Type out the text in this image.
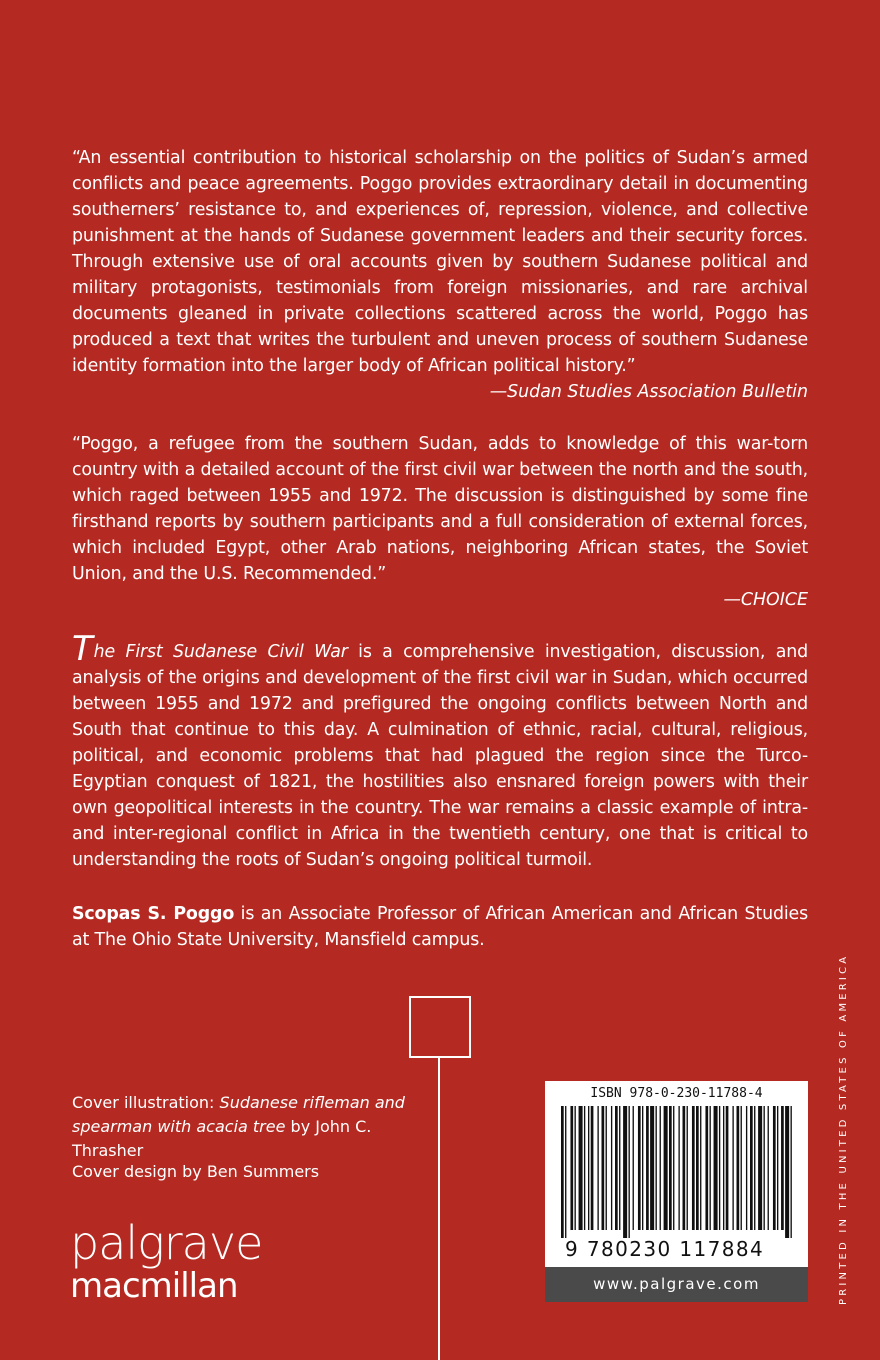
“An essential contribution to historical scholarship on the politics of Sudan’s armed conflicts and peace agreements. Poggo provides extraordinary detail in documenting southerners’ resistance to, and experiences of, repression, violence, and collective punishment at the hands of Sudanese government leaders and their security forces. Through extensive use of oral accounts given by southern Sudanese political and military protagonists, testimonials from foreign missionaries, and rare archival documents gleaned in private collections scattered across the world, Poggo has produced a text that writes the turbulent and uneven process of southern Sudanese identity formation into the larger body of African political history.”

—Sudan Studies Association Bulletin

“Poggo, a refugee from the southern Sudan, adds to knowledge of this war-torn country with a detailed account of the first civil war between the north and the south, which raged between 1955 and 1972. The discussion is distinguished by some fine firsthand reports by southern participants and a full consideration of external forces, which included Egypt, other Arab nations, neighboring African states, the Soviet Union, and the U.S. Recommended.”

—CHOICE

The First Sudanese Civil War is a comprehensive investigation, discussion, and analysis of the origins and development of the first civil war in Sudan, which occurred between 1955 and 1972 and prefigured the ongoing conflicts between North and South that continue to this day. A culmination of ethnic, racial, cultural, religious, political, and economic problems that had plagued the region since the Turco-Egyptian conquest of 1821, the hostilities also ensnared foreign powers with their own geopolitical interests in the country. The war remains a classic example of intra- and inter-regional conflict in Africa in the twentieth century, one that is critical to understanding the roots of Sudan’s ongoing political turmoil.

Scopas S. Poggo is an Associate Professor of African American and African Studies at The Ohio State University, Mansfield campus.

Cover illustration: Sudanese rifleman and spearman with acacia tree by John C. Thrasher

Cover design by Ben Summers

palgrave
macmillan
ISBN 978-0-230-11788-4
9 780230 117884
www.palgrave.com	PRINTED IN THE UNITED STATES OF AMERICA
